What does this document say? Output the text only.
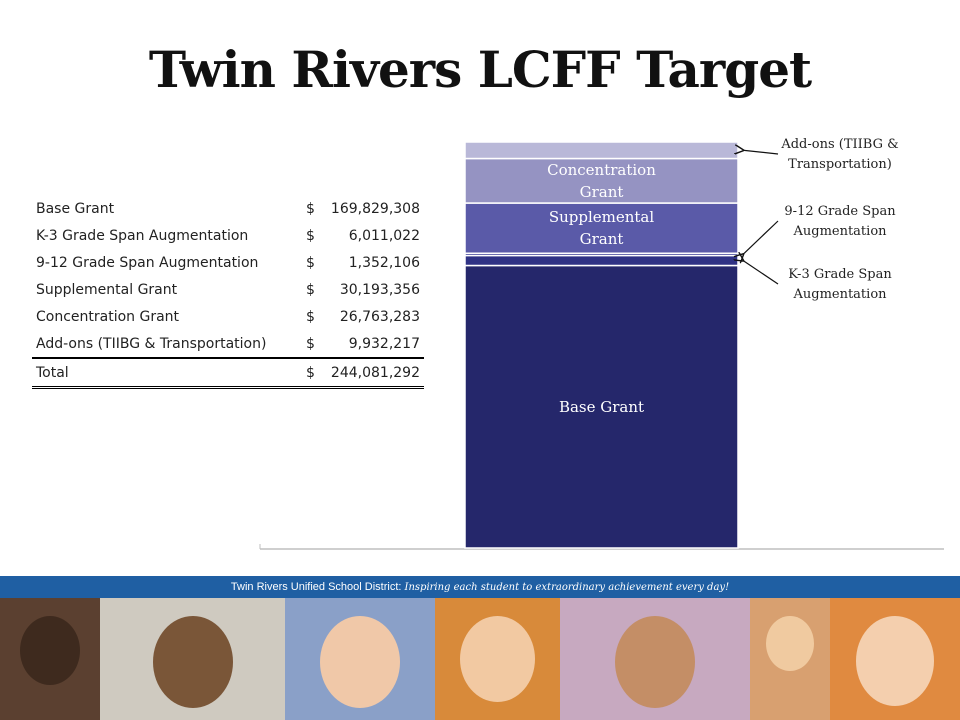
Twin Rivers LCFF Target
Base Grant	$ 169,829,308

K-3 Grade Span Augmentation	$ 6,011,022

9-12 Grade Span Augmentation	$ 1,352,106

Supplemental Grant	$ 30,193,356

Concentration Grant	$ 26,763,283

Add-ons (TIIBG & Transportation)	$ 9,932,217

Total	$ 244,081,292
Base Grant
Supplemental Grant
Concentration Grant
Add-ons (TIIBG & Transportation)
9-12 Grade Span Augmentation
K-3 Grade Span Augmentation
Twin Rivers Unified School District: Inspiring each student to extraordinary achievement every day!
